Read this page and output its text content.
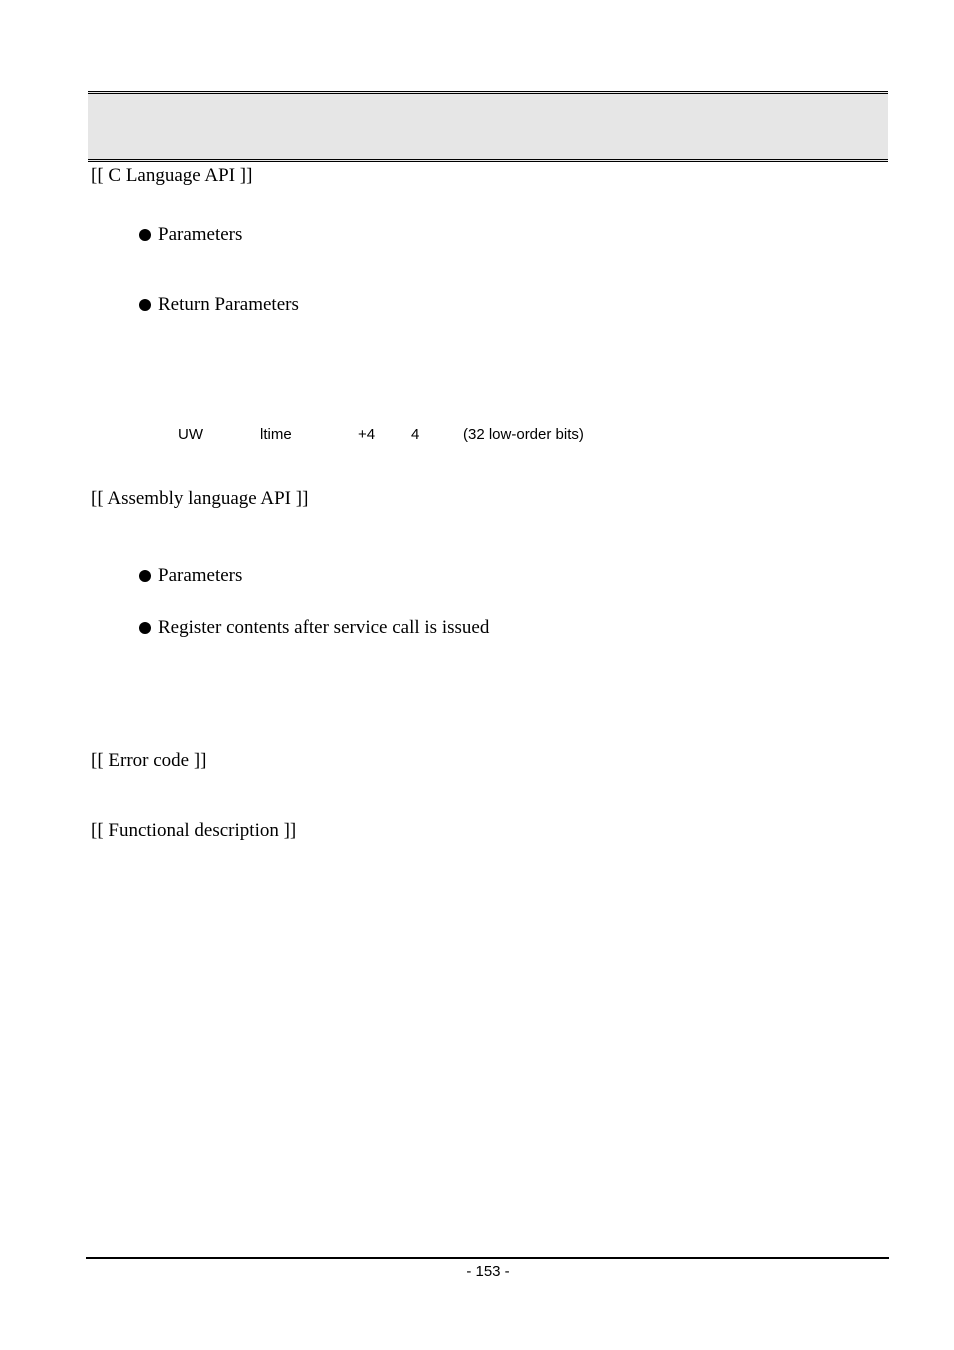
[[ C Language API ]]
Parameters
Return Parameters
UW	ltime	+4 4	(32 low-order bits)
[[ Assembly language API ]]
Parameters
Register contents after service call is issued
[[ Error code ]]
[[ Functional description ]]
- 153 -
